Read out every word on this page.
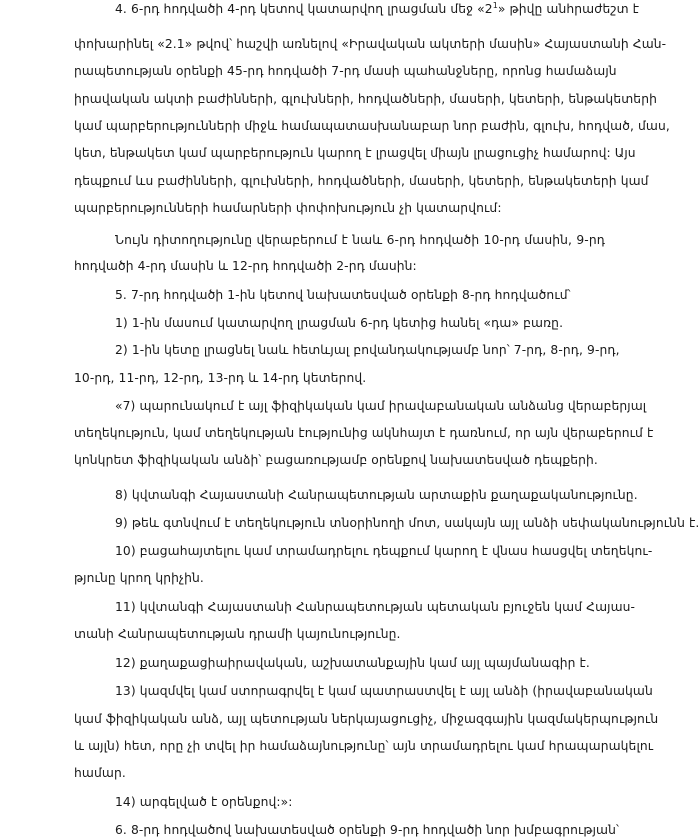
4. 6-րդ հոդվածի 4-րդ կետով կատարվող լրացման մեջ «$2^1$» թիվը անհրաժեշտ է
փոխարինել «2.1» թվով՝ հաշվի առնելով «Իրավական ակտերի մասին» Հայաստանի Հան-
րապետության օրենքի 45-րդ հոդվածի 7-րդ մասի պահանջները, որոնց համաձայն
իրավական ակտի բաժինների, գլուխների, հոդվածների, մասերի, կետերի, ենթակետերի
կամ պարբերությունների միջև համապատասխանաբար նոր բաժին, գլուխ, հոդված, մաս,
կետ, ենթակետ կամ պարբերություն կարող է լրացվել միայն լրացուցիչ համարով: Այս
դեպքում ևս բաժինների, գլուխների, հոդվածների, մասերի, կետերի, ենթակետերի կամ
պարբերությունների համարների փոփոխություն չի կատարվում:
Նույն դիտողությունը վերաբերում է նաև 6-րդ հոդվածի 10-րդ մասին, 9-րդ
հոդվածի 4-րդ մասին և 12-րդ հոդվածի 2-րդ մասին:
5. 7-րդ հոդվածի 1-ին կետով նախատեսված օրենքի 8-րդ հոդվածում՝
1) 1-ին մասում կատարվող լրացման 6-րդ կետից հանել «դա» բառը.
2) 1-ին կետը լրացնել նաև հետևյալ բովանդակությամբ նոր՝ 7-րդ, 8-րդ, 9-րդ,
10-րդ, 11-րդ, 12-րդ, 13-րդ և 14-րդ կետերով.
«7) պարունակում է այլ ֆիզիկական կամ իրավաբանական անձանց վերաբերյալ
տեղեկություն, կամ տեղեկության էությունից ակնհայտ է դառնում, որ այն վերաբերում է
կոնկրետ ֆիզիկական անձի՝ բացառությամբ օրենքով նախատեսված դեպքերի.
8) կվտանգի Հայաստանի Հանրապետության արտաքին քաղաքականությունը.
9) թեև գտնվում է տեղեկություն տնօրինողի մոտ, սակայն այլ անձի սեփականությունն է.
10) բացահայտելու կամ տրամադրելու դեպքում կարող է վնաս հասցվել տեղեկու-
թյունը կրող կրիչին.
11) կվտանգի Հայաստանի Հանրապետության պետական բյուջեն կամ Հայաս-
տանի Հանրապետության դրամի կայունությունը.
12) քաղաքացիաիրավական, աշխատանքային կամ այլ պայմանագիր է.
13) կազմվել կամ ստորագրվել է կամ պատրաստվել է այլ անձի (իրավաբանական
կամ ֆիզիկական անձ, այլ պետության ներկայացուցիչ, միջազգային կազմակերպություն
և այլն) հետ, որը չի տվել իր համաձայնությունը՝ այն տրամադրելու կամ հրապարակելու
համար.
14) արգելված է օրենքով:»:
6. 8-րդ հոդվածով նախատեսված օրենքի 9-րդ հոդվածի նոր խմբագրության՝
